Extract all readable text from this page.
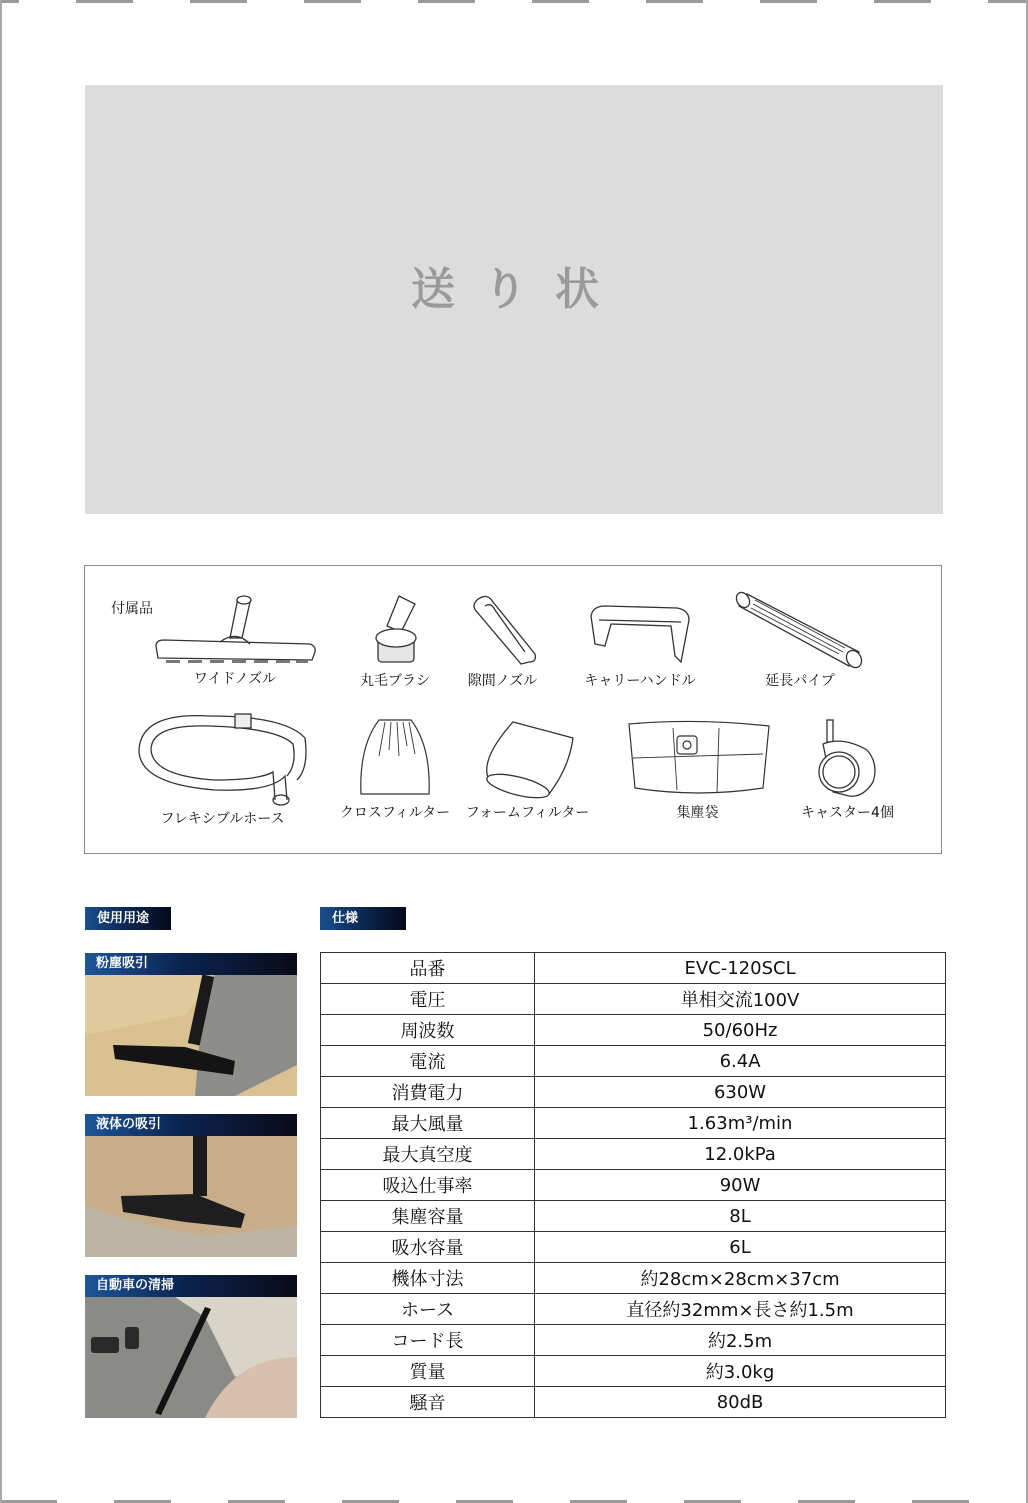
送り状
付属品
ワイドノズル	丸毛ブラシ	隙間ノズル	キャリーハンドル	延長パイプ
フレキシブルホース	クロスフィルター	フォームフィルター	集塵袋	キャスター4個
使用用途
粉塵吸引
液体の吸引
自動車の清掃
仕様
品番	EVC-120SCL
電圧	単相交流100V
周波数	50/60Hz
電流	6.4A
消費電力	630W
最大風量	1.63m³/min
最大真空度	12.0kPa
吸込仕事率	90W
集塵容量	8L
吸水容量	6L
機体寸法	約28cm×28cm×37cm
ホース	直径約32mm×長さ約1.5m
コード長	約2.5m
質量	約3.0kg
騒音	80dB
